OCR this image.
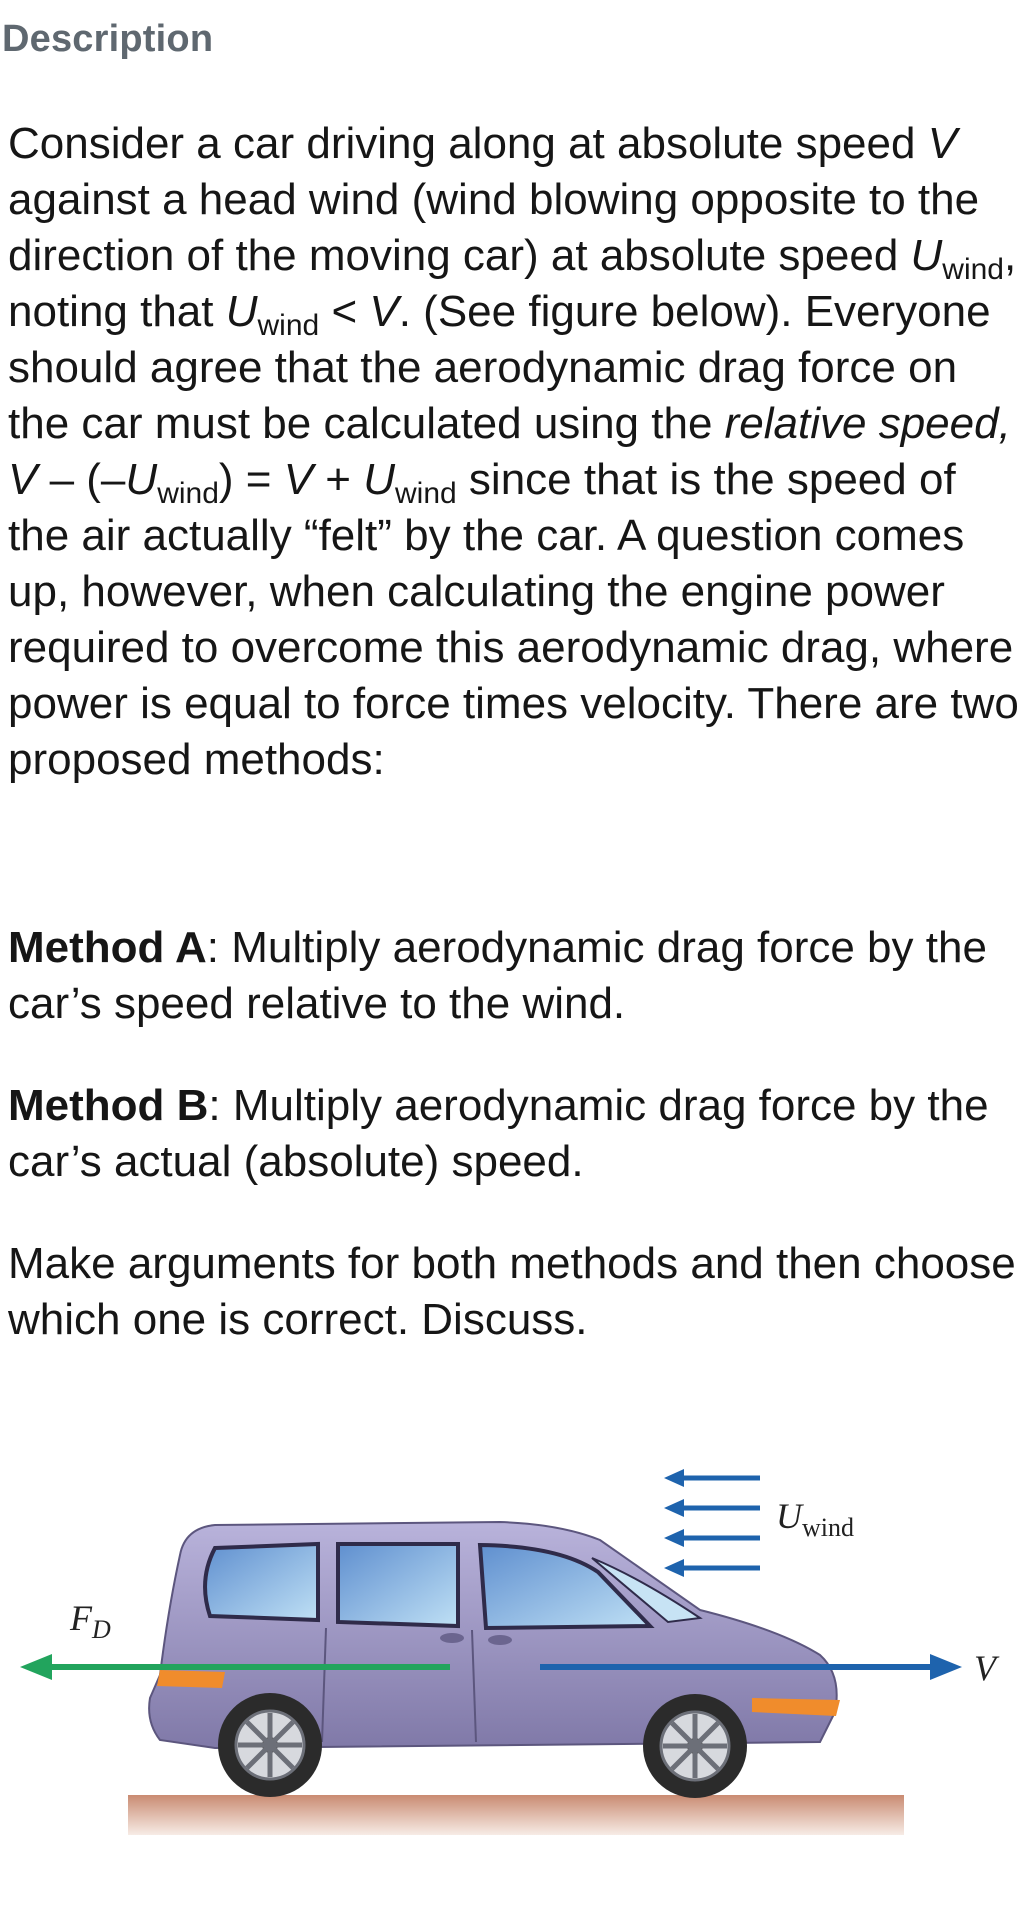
Description
Consider a car driving along at absolute speed V against a head wind (wind blowing opposite to the direction of the moving car) at absolute speed $U_{wind}$, noting that $U_{wind} < V$. (See figure below). Everyone should agree that the aerodynamic drag force on the car must be calculated using the relative speed, $V - (-U_{wind}) = V + U_{wind}$ since that is the speed of the air actually “felt” by the car. A question comes up, however, when calculating the engine power required to overcome this aerodynamic drag, where power is equal to force times velocity. There are two proposed methods:
Method A: Multiply aerodynamic drag force by the car’s speed relative to the wind.
Method B: Multiply aerodynamic drag force by the car’s actual (absolute) speed.
Make arguments for both methods and then choose which one is correct. Discuss.
$U_{wind}$
$F_D$
V
